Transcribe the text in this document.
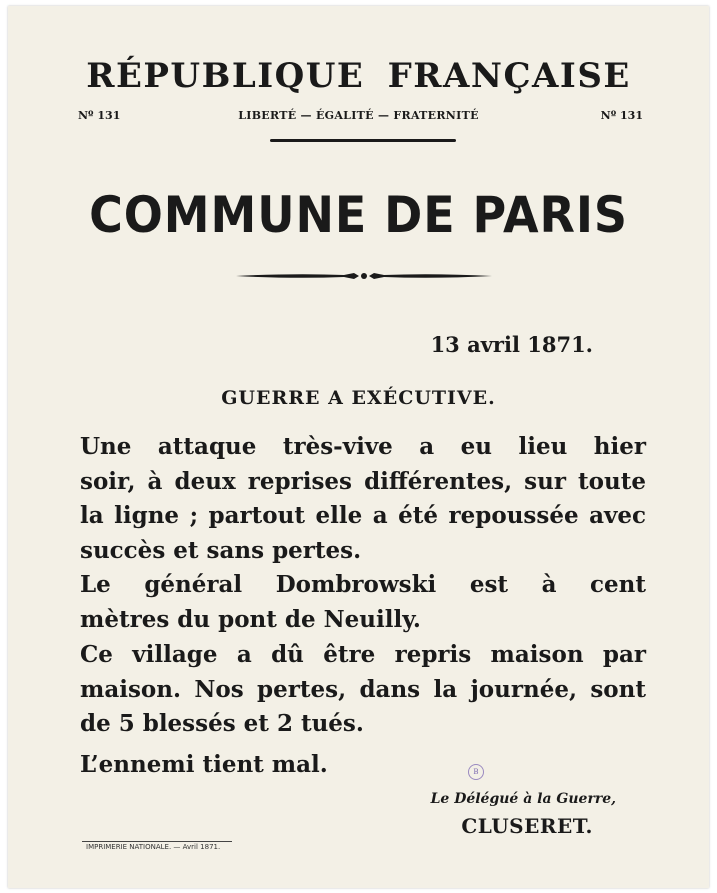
RÉPUBLIQUE FRANÇAISE
Nº 131	LIBERTÉ — ÉGALITÉ — FRATERNITÉ	Nº 131
COMMUNE DE PARIS
13 avril 1871.
GUERRE A EXÉCUTIVE.
Une attaque très-vive a eu lieu hier
soir, à deux reprises différentes, sur toute
la ligne ; partout elle a été repoussée avec
succès et sans pertes.
Le général Dombrowski est à cent
mètres du pont de Neuilly.
Ce village a dû être repris maison par
maison. Nos pertes, dans la journée, sont
de 5 blessés et 2 tués.
L’ennemi tient mal.	B
Le Délégué à la Guerre,
CLUSERET.
IMPRIMERIE NATIONALE. — Avril 1871.
